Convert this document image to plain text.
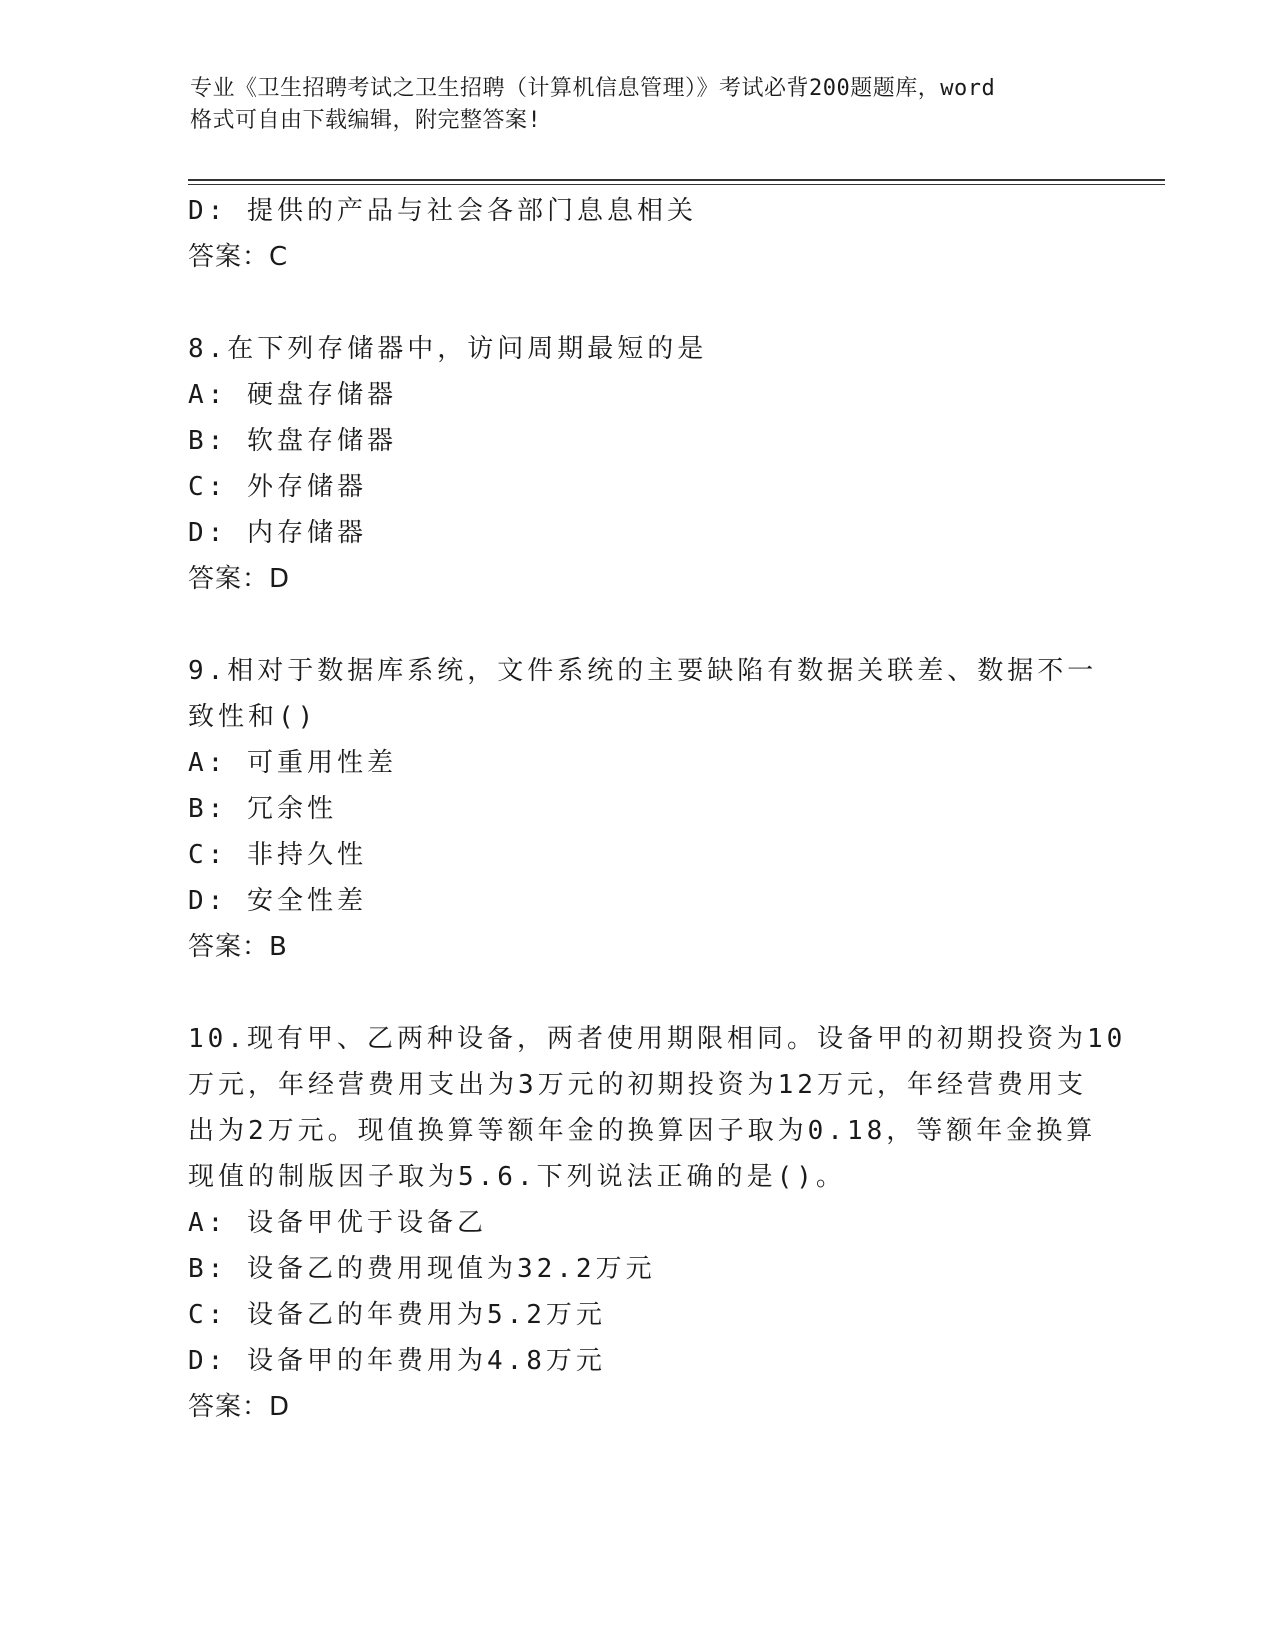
专业《卫生招聘考试之卫生招聘（计算机信息管理）》考试必背200题题库，word
格式可自由下载编辑，附完整答案!
D: 提供的产品与社会各部门息息相关
答案：C
8.在下列存储器中，访问周期最短的是
A: 硬盘存储器
B: 软盘存储器
C: 外存储器
D: 内存储器
答案：D
9.相对于数据库系统，文件系统的主要缺陷有数据关联差、数据不一
致性和()
A: 可重用性差
B: 冗余性
C: 非持久性
D: 安全性差
答案：B
10.现有甲、乙两种设备，两者使用期限相同。设备甲的初期投资为10
万元，年经营费用支出为3万元的初期投资为12万元，年经营费用支
出为2万元。现值换算等额年金的换算因子取为0.18，等额年金换算
现值的制版因子取为5.6.下列说法正确的是()。
A: 设备甲优于设备乙
B: 设备乙的费用现值为32.2万元
C: 设备乙的年费用为5.2万元
D: 设备甲的年费用为4.8万元
答案：D
